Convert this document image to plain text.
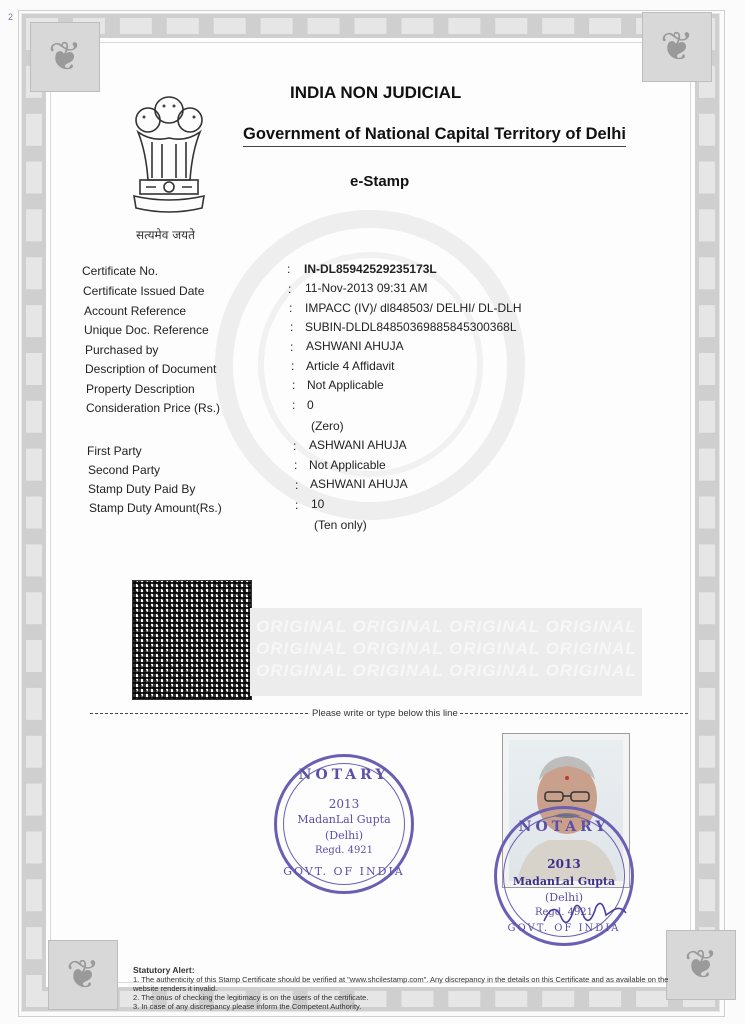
2
❦	❦
❦	❦
सत्यमेव जयते
INDIA NON JUDICIAL
Government of National Capital Territory of Delhi
e-Stamp
Certificate No.
Certificate Issued Date
Account Reference
Unique Doc. Reference
Purchased by
Description of Document
Property Description
Consideration Price (Rs.)
First Party
Second Party
Stamp Duty Paid By
Stamp Duty Amount(Rs.)
:
:
:
:
:
:
:
:
:
:
:
:
IN-DL85942529235173L
11-Nov-2013 09:31 AM
IMPACC (IV)/ dl848503/ DELHI/ DL-DLH
SUBIN-DLDL84850369885845300368L
ASHWANI AHUJA
Article 4 Affidavit
Not Applicable
0
(Zero)
ASHWANI AHUJA
Not Applicable
ASHWANI AHUJA
10
(Ten only)
ORIGINAL ORIGINAL ORIGINAL ORIGINAL
ORIGINAL ORIGINAL ORIGINAL ORIGINAL
ORIGINAL ORIGINAL ORIGINAL ORIGINAL
Please write or type below this line
NOTARY
2013
MadanLal Gupta
(Delhi)
Regd. 4921
GOVT. OF INDIA
NOTARY
2013
MadanLal Gupta
(Delhi)
Regd. 4921
GOVT. OF INDIA
Statutory Alert:
1. The authenticity of this Stamp Certificate should be verified at "www.shcilestamp.com". Any discrepancy in the details on this Certificate and as available on the website renders it invalid.
2. The onus of checking the legitimacy is on the users of the certificate.
3. In case of any discrepancy please inform the Competent Authority.
